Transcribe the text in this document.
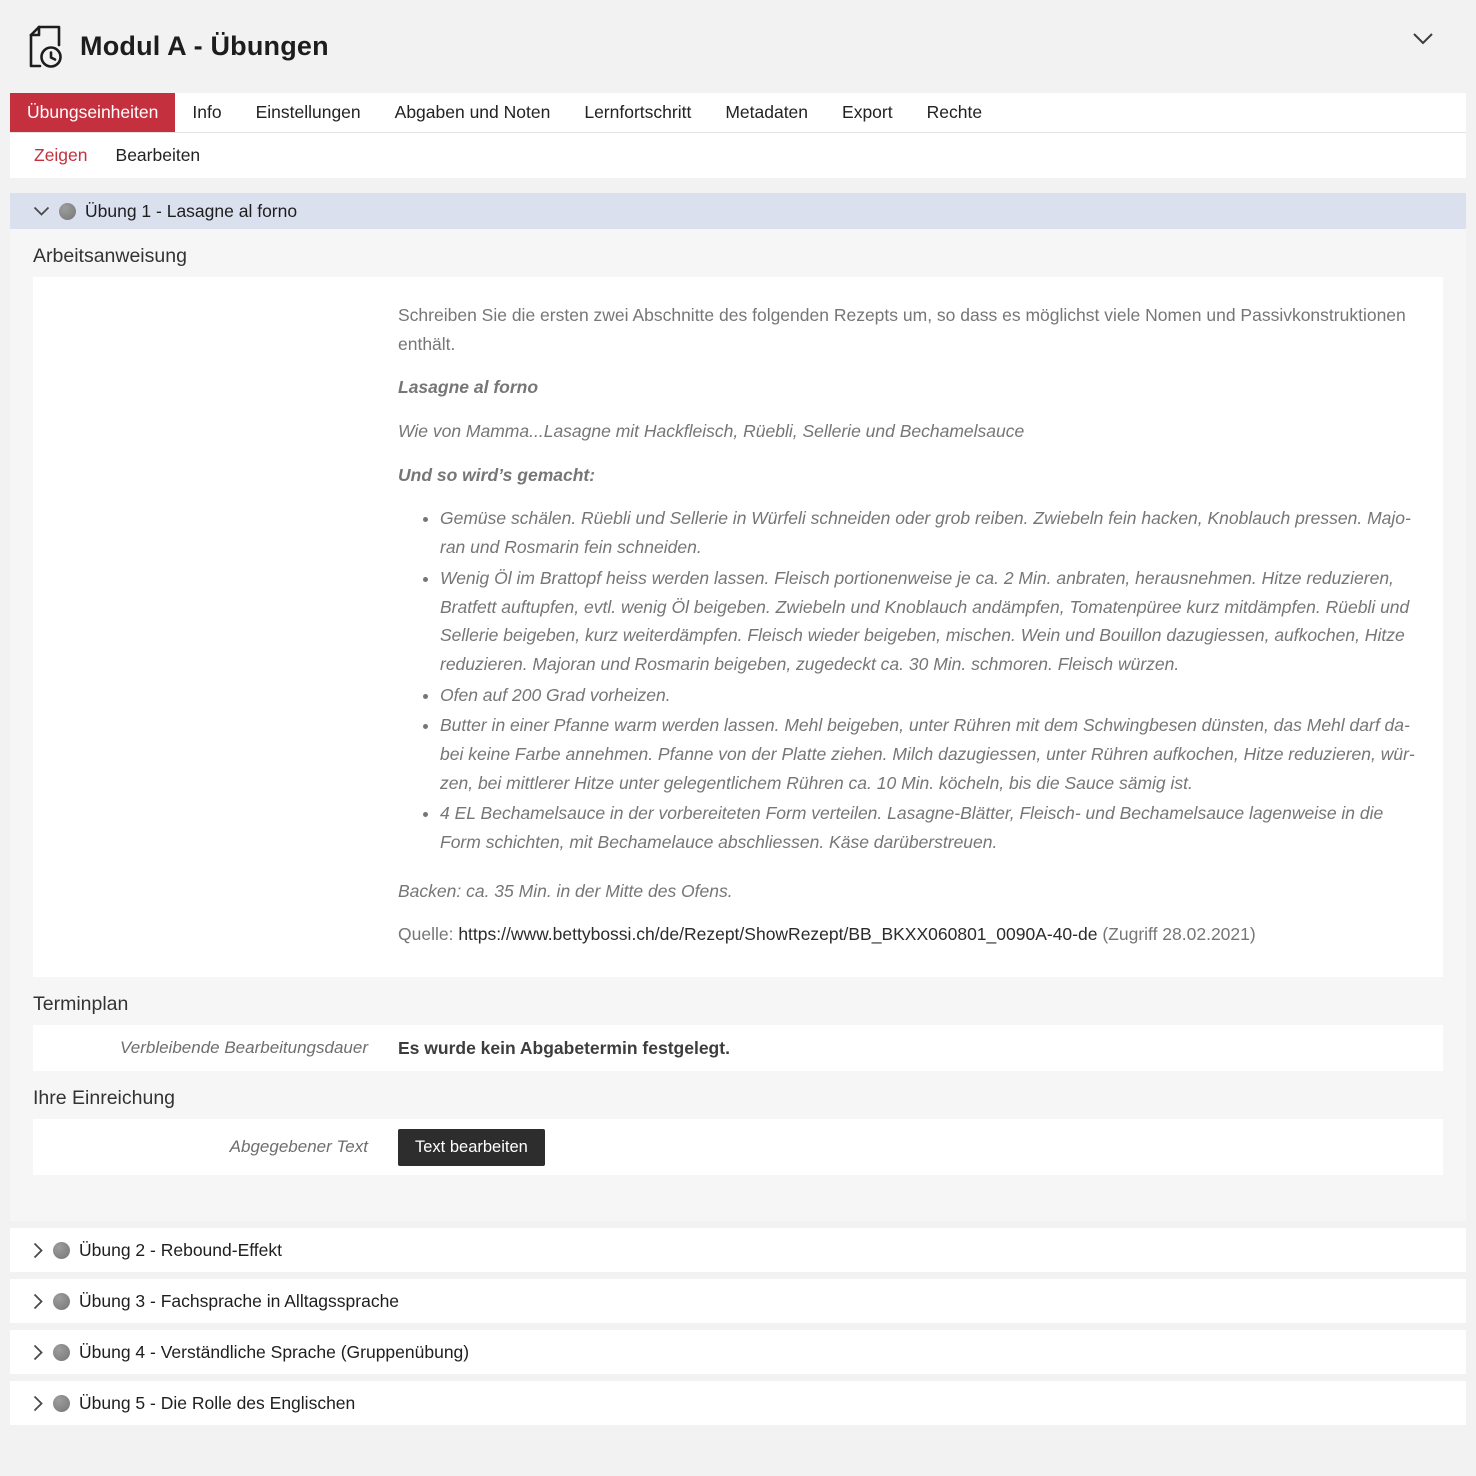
Modul A - Übungen
Übungseinheiten	Info	Einstellungen	Abgaben und Noten	Lernfortschritt	Metadaten	Export	Rechte
Zeigen Bearbeiten
Übung 1 - Lasagne al forno
Arbeitsanweisung

Schreiben Sie die ersten zwei Abschnitte des folgenden Rezepts um, so dass es möglichst viele Nomen und Passivkonstruktionen enthält.

Lasagne al forno

Wie von Mamma...Lasagne mit Hackfleisch, Rüebli, Sellerie und Bechamelsauce

Und so wird’s gemacht:

• Gemüse schälen. Rüebli und Sellerie in Würfeli schneiden oder grob reiben. Zwiebeln fein hacken, Knoblauch pressen. Majoran und Rosmarin fein schneiden.
• Wenig Öl im Brattopf heiss werden lassen. Fleisch portionenweise je ca. 2 Min. anbraten, herausnehmen. Hitze reduzieren, Bratfett auftupfen, evtl. wenig Öl beigeben. Zwiebeln und Knoblauch andämpfen, Tomatenpüree kurz mitdämpfen. Rüebli und Sellerie beigeben, kurz weiterdämpfen. Fleisch wieder beigeben, mischen. Wein und Bouillon dazugiessen, aufkochen, Hitze reduzieren. Majoran und Rosmarin beigeben, zugedeckt ca. 30 Min. schmoren. Fleisch würzen.
• Ofen auf 200 Grad vorheizen.
• Butter in einer Pfanne warm werden lassen. Mehl beigeben, unter Rühren mit dem Schwingbesen dünsten, das Mehl darf dabei keine Farbe annehmen. Pfanne von der Platte ziehen. Milch dazugiessen, unter Rühren aufkochen, Hitze reduzieren, würzen, bei mittlerer Hitze unter gelegentlichem Rühren ca. 10 Min. köcheln, bis die Sauce sämig ist.
• 4 EL Bechamelsauce in der vorbereiteten Form verteilen. Lasagne-Blätter, Fleisch- und Bechamelsauce lagenweise in die Form schichten, mit Bechamelauce abschliessen. Käse darüberstreuen.

Backen: ca. 35 Min. in der Mitte des Ofens.

Quelle: https://www.bettybossi.ch/de/Rezept/ShowRezept/BB_BKXX060801_0090A-40-de (Zugriff 28.02.2021)

Terminplan
Verbleibende Bearbeitungsdauer	Es wurde kein Abgabetermin festgelegt.
Ihre Einreichung
Abgegebener Text	Text bearbeiten
Übung 2 - Rebound-Effekt
Übung 3 - Fachsprache in Alltagssprache
Übung 4 - Verständliche Sprache (Gruppenübung)
Übung 5 - Die Rolle des Englischen
